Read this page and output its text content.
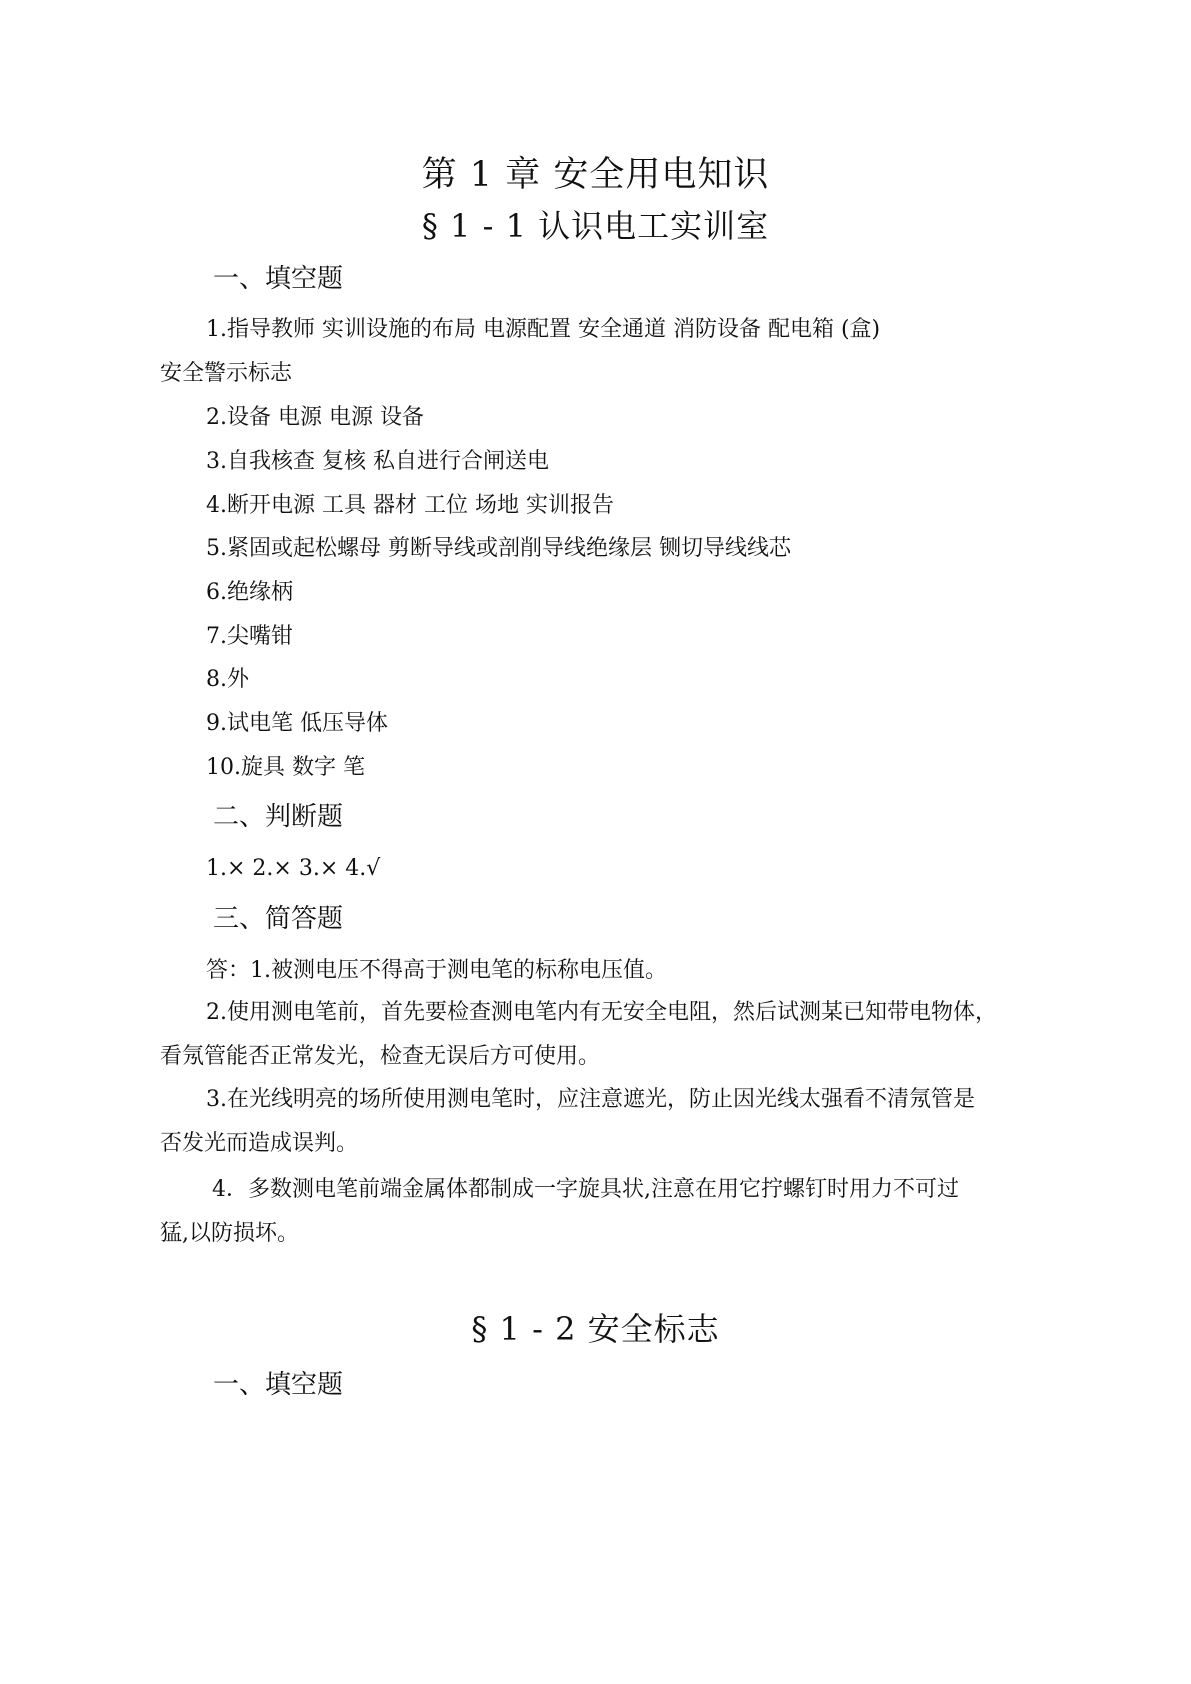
第 1 章 安全用电知识
§ 1 - 1 认识电工实训室
一、填空题
1.指导教师 实训设施的布局 电源配置 安全通道 消防设备 配电箱 (盒)
安全警示标志
2.设备 电源 电源 设备
3.自我核查 复核 私自进行合闸送电
4.断开电源 工具 器材 工位 场地 实训报告
5.紧固或起松螺母 剪断导线或剖削导线绝缘层 铡切导线线芯
6.绝缘柄
7.尖嘴钳
8.外
9.试电笔 低压导体
10.旋具 数字 笔
二、判断题
1.× 2.× 3.× 4.√
三、简答题
答：1.被测电压不得高于测电笔的标称电压值。
2.使用测电笔前，首先要检查测电笔内有无安全电阻，然后试测某已知带电物体，
看氖管能否正常发光，检查无误后方可使用。
3.在光线明亮的场所使用测电笔时，应注意遮光，防止因光线太强看不清氖管是
否发光而造成误判。
4．多数测电笔前端金属体都制成一字旋具状,注意在用它拧螺钉时用力不可过
猛,以防损坏。
§ 1 - 2 安全标志
一、填空题
